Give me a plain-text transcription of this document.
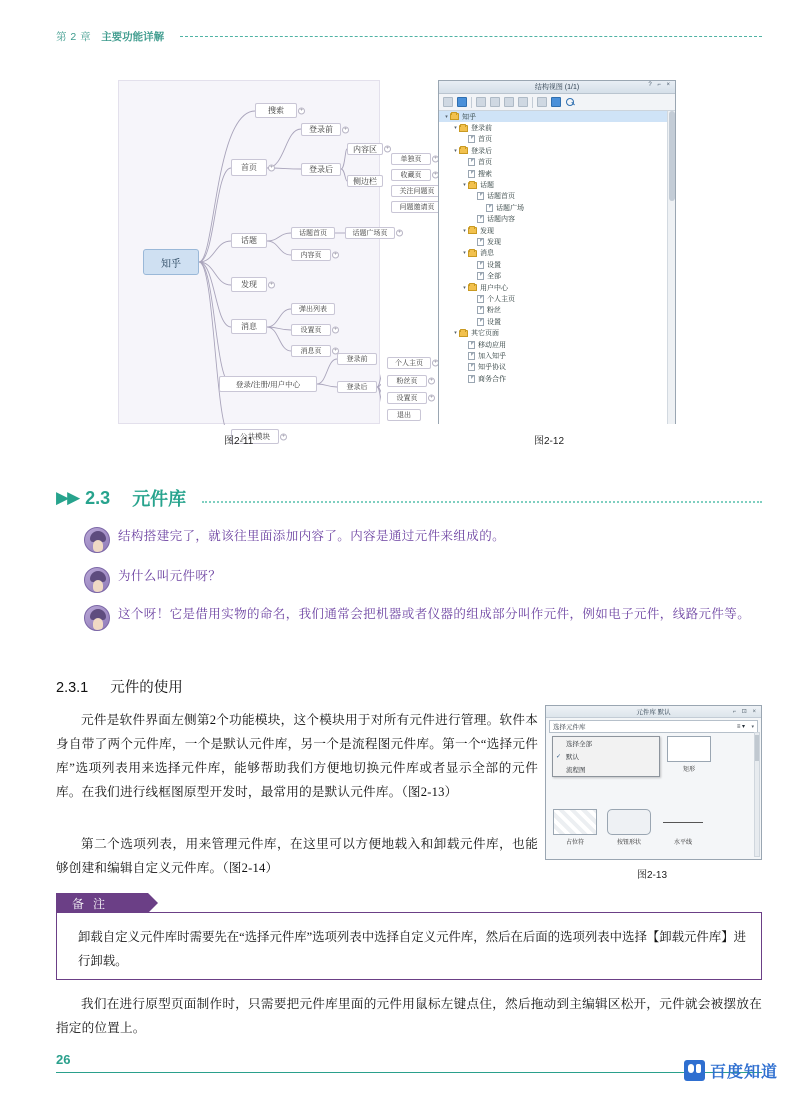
第 2 章 主要功能详解
知乎
搜索	+
首页	+
登录前	+
登录后
内容区	+
侧边栏
单独页	+
收藏页	+
关注问题页
问题邀请页
话题
话题首页
内容页	+
话题广场页	+
发现	+
消息
弹出列表
设置页	+
消息页	+
登录/注册/用户中心
登录前
登录后
个人主页	+
粉丝页	+
设置页	+
退出
公共模块	+
图2-11
结构视图 (1/1)	? ⌐ ×
▾	知乎
▾	登录前
首页
▾	登录后
首页
搜索
▾	话题
话题首页
话题广场
话题内容
▾	发现
发现
▾	消息
设置
全部
▾	用户中心
个人主页
粉丝
设置
▾	其它页面
移动应用
加入知乎
知乎协议
商务合作
图2-12
▶▶ 2.3 元件库
结构搭建完了，就该往里面添加内容了。内容是通过元件来组成的。
为什么叫元件呀？
这个呀！它是借用实物的命名，我们通常会把机器或者仪器的组成部分叫作元件，例如电子元件，线路元件等。
2.3.1 元件的使用
元件是软件界面左侧第2个功能模块，这个模块用于对所有元件进行管理。软件本身自带了两个元件库，一个是默认元件库，另一个是流程图元件库。第一个“选择元件库”选项列表用来选择元件库，能够帮助我们方便地切换元件库或者显示全部的元件库。在我们进行线框图原型开发时，最常用的是默认元件库。（图2-13）
第二个选项列表，用来管理元件库，在这里可以方便地载入和卸载元件库，也能够创建和编辑自定义元件库。（图2-14）
元件库 默认	⌐ ⊡ ×
选择元件库	≡ ▾	▾
选择全部
✓ 默认
流程图	矩形
占位符	按钮形状	水平线
图2-13
备 注
卸载自定义元件库时需要先在“选择元件库”选项列表中选择自定义元件库，然后在后面的选项列表中选择【卸载元件库】进行卸载。
我们在进行原型页面制作时，只需要把元件库里面的元件用鼠标左键点住，然后拖动到主编辑区松开，元件就会被摆放在指定的位置上。
26
百度知道
